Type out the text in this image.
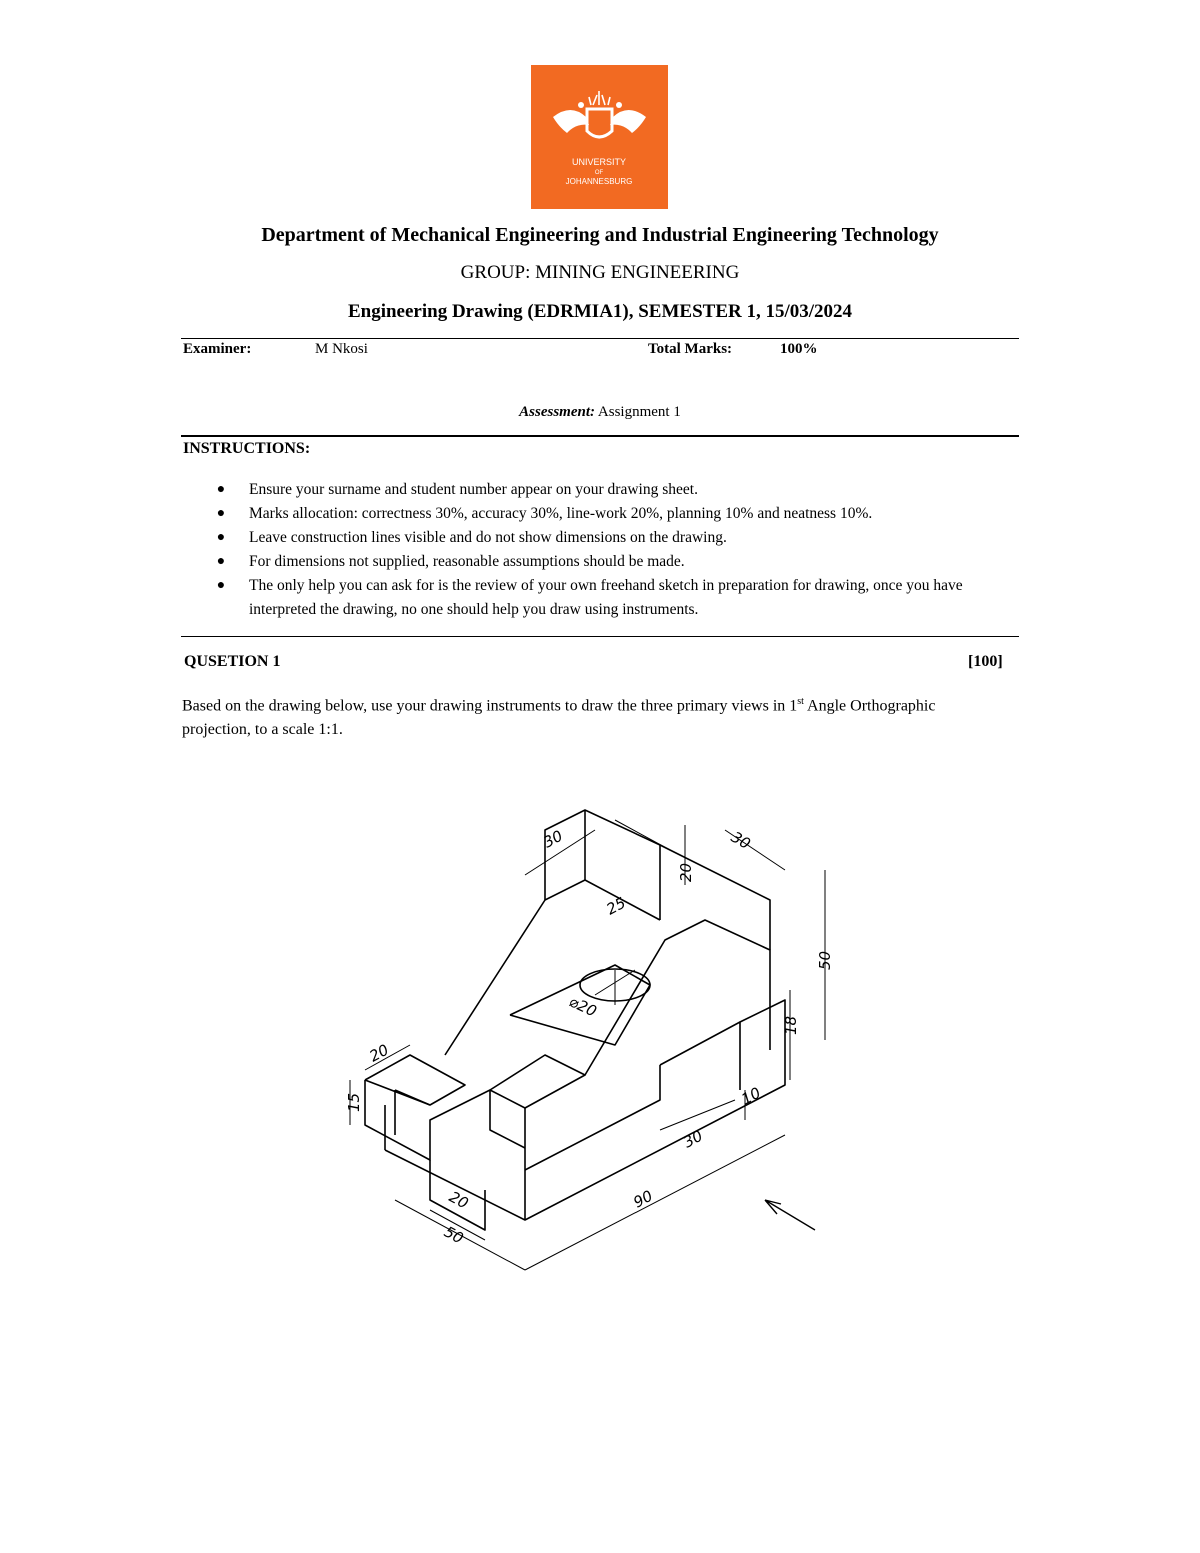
UNIVERSITY
OF
JOHANNESBURG
Department of Mechanical Engineering and Industrial Engineering Technology
GROUP: MINING ENGINEERING
Engineering Drawing (EDRMIA1), SEMESTER 1, 15/03/2024
Examiner:	M Nkosi	Total Marks:	100%
Assessment: Assignment 1
INSTRUCTIONS:
● Ensure your surname and student number appear on your drawing sheet.
● Marks allocation: correctness 30%, accuracy 30%, line-work 20%, planning 10% and neatness 10%.
● Leave construction lines visible and do not show dimensions on the drawing.
● For dimensions not supplied, reasonable assumptions should be made.
● The only help you can ask for is the review of your own freehand sketch in preparation for drawing, once you have interpreted the drawing, no one should help you draw using instruments.
QUSETION 1	[100]
Based on the drawing below, use your drawing instruments to draw the three primary views in 1st Angle Orthographic projection, to a scale 1:1.
30	30
20
25
⌀20
50
18
10
30
20
15
20
50
90
